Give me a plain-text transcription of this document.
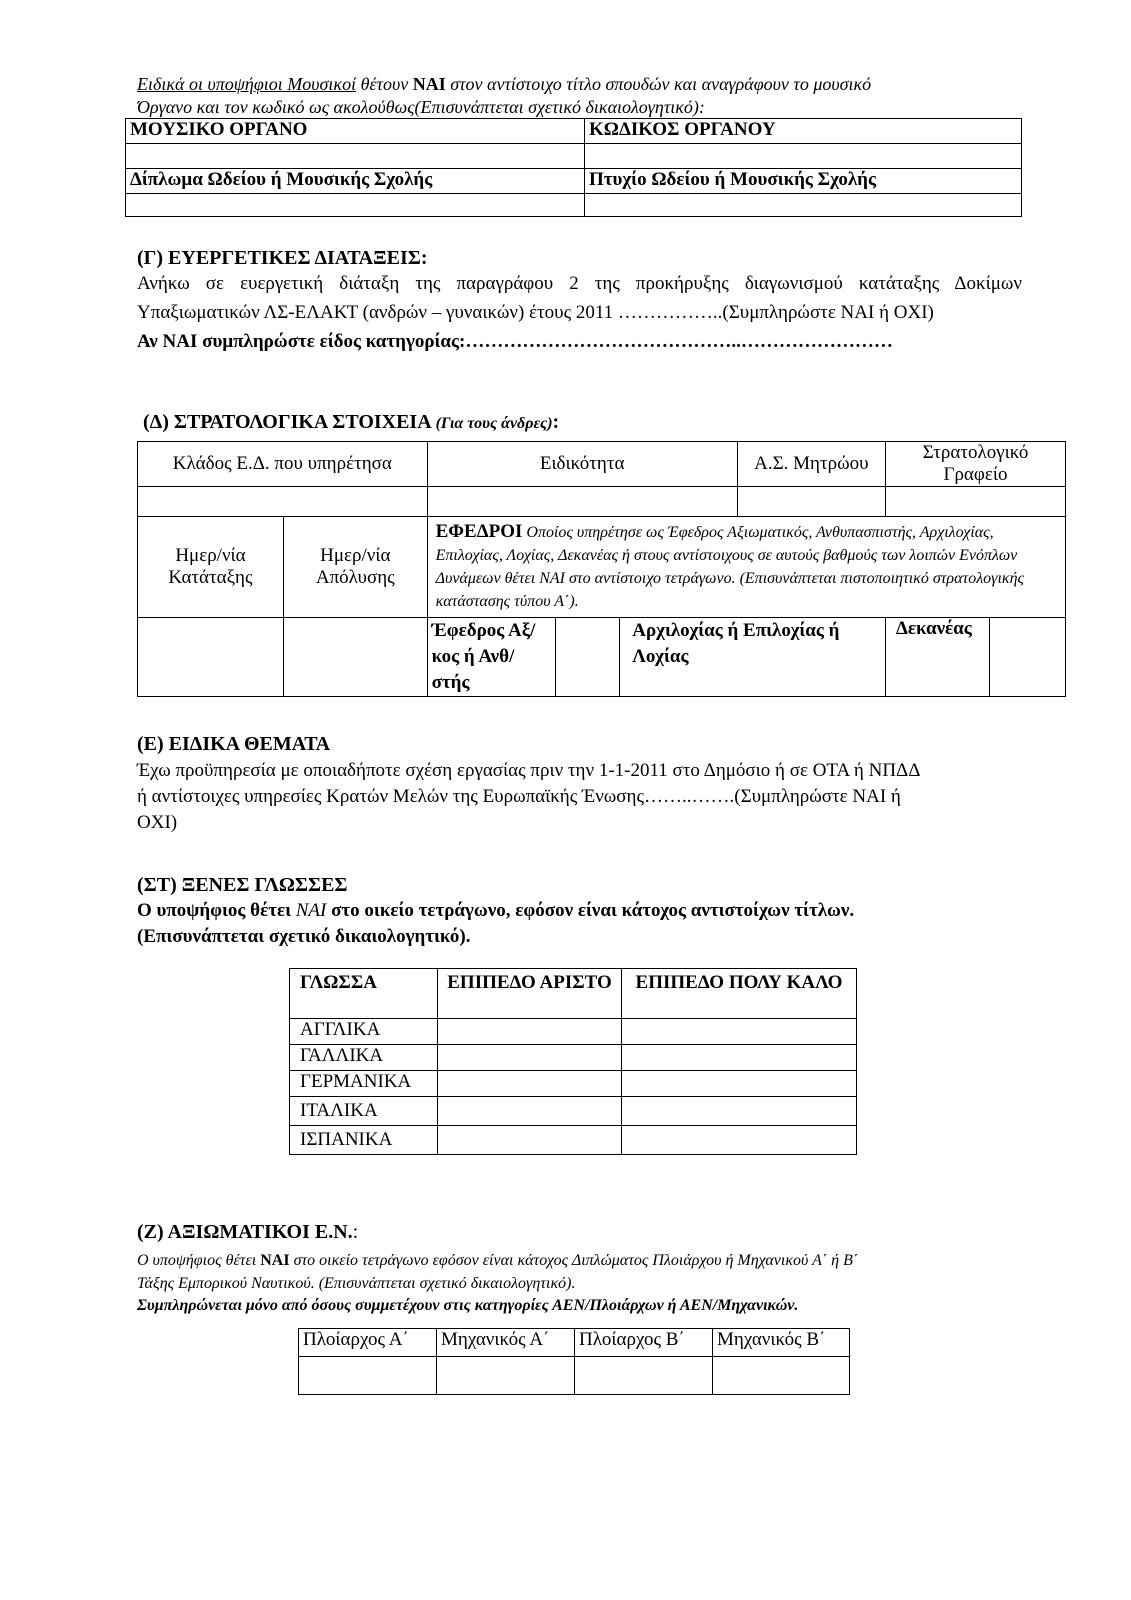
Ειδικά οι υποψήφιοι Μουσικοί θέτουν ΝΑΙ στον αντίστοιχο τίτλο σπουδών και αναγράφουν το μουσικό
Όργανο και τον κωδικό ως ακολούθως(Επισυνάπτεται σχετικό δικαιολογητικό):
ΜΟΥΣΙΚΟ ΟΡΓΑΝΟ	ΚΩΔΙΚΟΣ ΟΡΓΑΝΟΥ

Δίπλωμα Ωδείου ή Μουσικής Σχολής	Πτυχίο Ωδείου ή Μουσικής Σχολής

(Γ) ΕΥΕΡΓΕΤΙΚΕΣ ΔΙΑΤΑΞΕΙΣ:
Ανήκω σε ευεργετική διάταξη της παραγράφου 2 της προκήρυξης διαγωνισμού κατάταξης Δοκίμων
Υπαξιωματικών ΛΣ-ΕΛΑΚΤ (ανδρών – γυναικών) έτους 2011 ……………..(Συμπληρώστε ΝΑΙ ή ΟΧΙ)
Αν ΝΑΙ συμπληρώστε είδος κατηγορίας:……………………………………..……………………
(Δ) ΣΤΡΑΤΟΛΟΓΙΚΑ ΣΤΟΙΧΕΙΑ (Για τους άνδρες):
Κλάδος Ε.Δ. που υπηρέτησα		Ειδικότητα			Α.Σ. Μητρώου	Στρατολογικό Γραφείο	

Ημερ/νία Κατάταξης	Ημερ/νία Απόλυσης	ΕΦΕΔΡΟΙ Οποίος υπηρέτησε ως Έφεδρος Αξιωματικός, Ανθυπασπιστής, Αρχιλοχίας, Επιλοχίας, Λοχίας, Δεκανέας ή στους αντίστοιχους σε αυτούς βαθμούς των λοιπών Ενόπλων Δυνάμεων θέτει ΝΑΙ στο αντίστοιχο τετράγωνο. (Επισυνάπτεται πιστοποιητικό στρατολογικής κατάστασης τύπου Α΄).					
		Έφεδρος Αξ/κος ή Ανθ/στής		Αρχιλοχίας ή Επιλοχίας ή Λοχίας		Δεκανέας	
(Ε) ΕΙΔΙΚΑ ΘΕΜΑΤΑ
Έχω προϋπηρεσία με οποιαδήποτε σχέση εργασίας πριν την 1-1-2011 στο Δημόσιο ή σε ΟΤΑ ή ΝΠΔΔ
ή αντίστοιχες υπηρεσίες Κρατών Μελών της Ευρωπαϊκής Ένωσης……..…….(Συμπληρώστε ΝΑΙ ή
ΟΧΙ)
(ΣΤ) ΞΕΝΕΣ ΓΛΩΣΣΕΣ
Ο υποψήφιος θέτει ΝΑΙ στο οικείο τετράγωνο, εφόσον είναι κάτοχος αντιστοίχων τίτλων.
(Επισυνάπτεται σχετικό δικαιολογητικό).
ΓΛΩΣΣΑ	ΕΠΙΠΕΔΟ ΑΡΙΣΤΟ	ΕΠΙΠΕΔΟ ΠΟΛΥ ΚΑΛΟ
ΑΓΓΛΙΚΑ		
ΓΑΛΛΙΚΑ		
ΓΕΡΜΑΝΙΚΑ		
ΙΤΑΛΙΚΑ		
ΙΣΠΑΝΙΚΑ		
(Ζ) ΑΞΙΩΜΑΤΙΚΟΙ Ε.Ν.:
Ο υποψήφιος θέτει ΝΑΙ στο οικείο τετράγωνο εφόσον είναι κάτοχος Διπλώματος Πλοιάρχου ή Μηχανικού Α΄ ή Β΄
Τάξης Εμπορικού Ναυτικού. (Επισυνάπτεται σχετικό δικαιολογητικό).
Συμπληρώνεται μόνο από όσους συμμετέχουν στις κατηγορίες ΑΕΝ/Πλοιάρχων ή ΑΕΝ/Μηχανικών.
Πλοίαρχος Α΄	Μηχανικός Α΄	Πλοίαρχος Β΄	Μηχανικός Β΄
